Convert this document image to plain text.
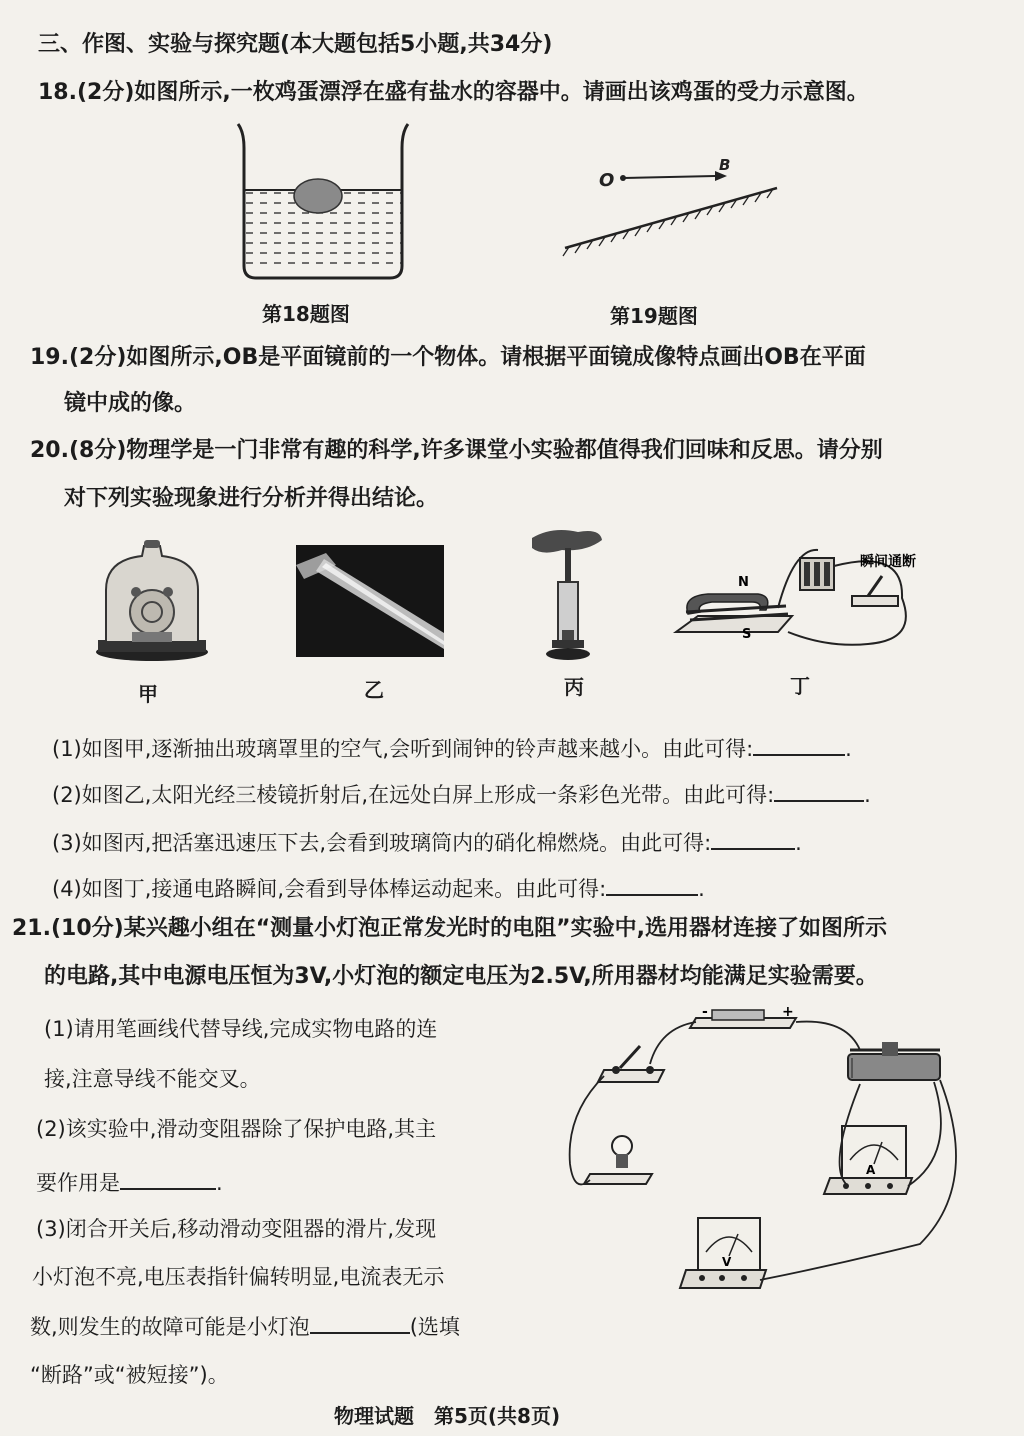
三、作图、实验与探究题(本大题包括5小题,共34分)
18.(2分)如图所示,一枚鸡蛋漂浮在盛有盐水的容器中。请画出该鸡蛋的受力示意图。
第18题图
O
B
第19题图
19.(2分)如图所示,OB是平面镜前的一个物体。请根据平面镜成像特点画出OB在平面
镜中成的像。
20.(8分)物理学是一门非常有趣的科学,许多课堂小实验都值得我们回味和反思。请分别
对下列实验现象进行分析并得出结论。
甲	乙	丙
N
S
瞬间通断
丁
(1)如图甲,逐渐抽出玻璃罩里的空气,会听到闹钟的铃声越来越小。由此可得:	.
(2)如图乙,太阳光经三棱镜折射后,在远处白屏上形成一条彩色光带。由此可得:	.
(3)如图丙,把活塞迅速压下去,会看到玻璃筒内的硝化棉燃烧。由此可得:	.
(4)如图丁,接通电路瞬间,会看到导体棒运动起来。由此可得:	.
21.(10分)某兴趣小组在“测量小灯泡正常发光时的电阻”实验中,选用器材连接了如图所示
的电路,其中电源电压恒为3V,小灯泡的额定电压为2.5V,所用器材均能满足实验需要。
(1)请用笔画线代替导线,完成实物电路的连
接,注意导线不能交叉。
(2)该实验中,滑动变阻器除了保护电路,其主
要作用是	.
(3)闭合开关后,移动滑动变阻器的滑片,发现
小灯泡不亮,电压表指针偏转明显,电流表无示
数,则发生的故障可能是小灯泡	(选填
“断路”或“被短接”)。
-	+
A
V
物理试题　第5页(共8页)
